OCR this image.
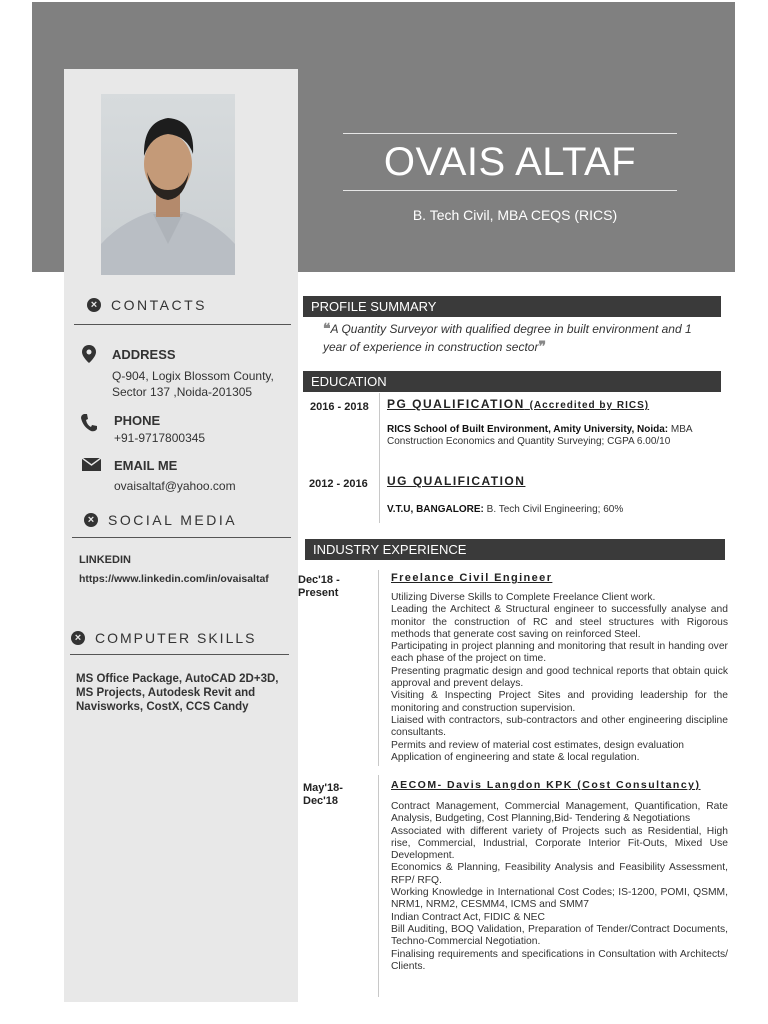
OVAIS ALTAF
B. Tech Civil, MBA CEQS (RICS)
× CONTACTS
ADDRESS
Q-904, Logix Blossom County,
Sector 137 ,Noida-201305
PHONE
+91-9717800345
EMAIL ME
ovaisaltaf@yahoo.com
× SOCIAL MEDIA
LINKEDIN
https://www.linkedin.com/in/ovaisaltaf
× COMPUTER SKILLS
MS Office Package, AutoCAD 2D+3D,
MS Projects, Autodesk Revit and
Navisworks, CostX, CCS Candy
PROFILE SUMMARY
❝A Quantity Surveyor with qualified degree in built environment and 1
year of experience in construction sector❞
EDUCATION
2016 - 2018 PG QUALIFICATION (Accredited by RICS)
RICS School of Built Environment, Amity University, Noida: MBA
Construction Economics and Quantity Surveying; CGPA 6.00/10
2012 - 2016 UG QUALIFICATION
V.T.U, BANGALORE: B. Tech Civil Engineering; 60%
INDUSTRY EXPERIENCE
Dec'18 -
Present
Freelance Civil Engineer
Utilizing Diverse Skills to Complete Freelance Client work.
Leading the Architect & Structural engineer to successfully analyse and monitor the construction of RC and steel structures with Rigorous methods that generate cost saving on reinforced Steel.
Participating in project planning and monitoring that result in handing over each phase of the project on time.
Presenting pragmatic design and good technical reports that obtain quick approval and prevent delays.
Visiting & Inspecting Project Sites and providing leadership for the monitoring and construction supervision.
Liaised with contractors, sub-contractors and other engineering discipline consultants.
Permits and review of material cost estimates, design evaluation
Application of engineering and state & local regulation.
May'18-
Dec'18
AECOM- Davis Langdon KPK (Cost Consultancy)
Contract Management, Commercial Management, Quantification, Rate Analysis, Budgeting, Cost Planning,Bid- Tendering & Negotiations
Associated with different variety of Projects such as Residential, High rise, Commercial, Industrial, Corporate Interior Fit-Outs, Mixed Use Development.
Economics & Planning, Feasibility Analysis and Feasibility Assessment, RFP/ RFQ.
Working Knowledge in International Cost Codes; IS-1200, POMI, QSMM, NRM1, NRM2, CESMM4, ICMS and SMM7
Indian Contract Act, FIDIC & NEC
Bill Auditing, BOQ Validation, Preparation of Tender/Contract Documents, Techno-Commercial Negotiation.
Finalising requirements and specifications in Consultation with Architects/ Clients.
